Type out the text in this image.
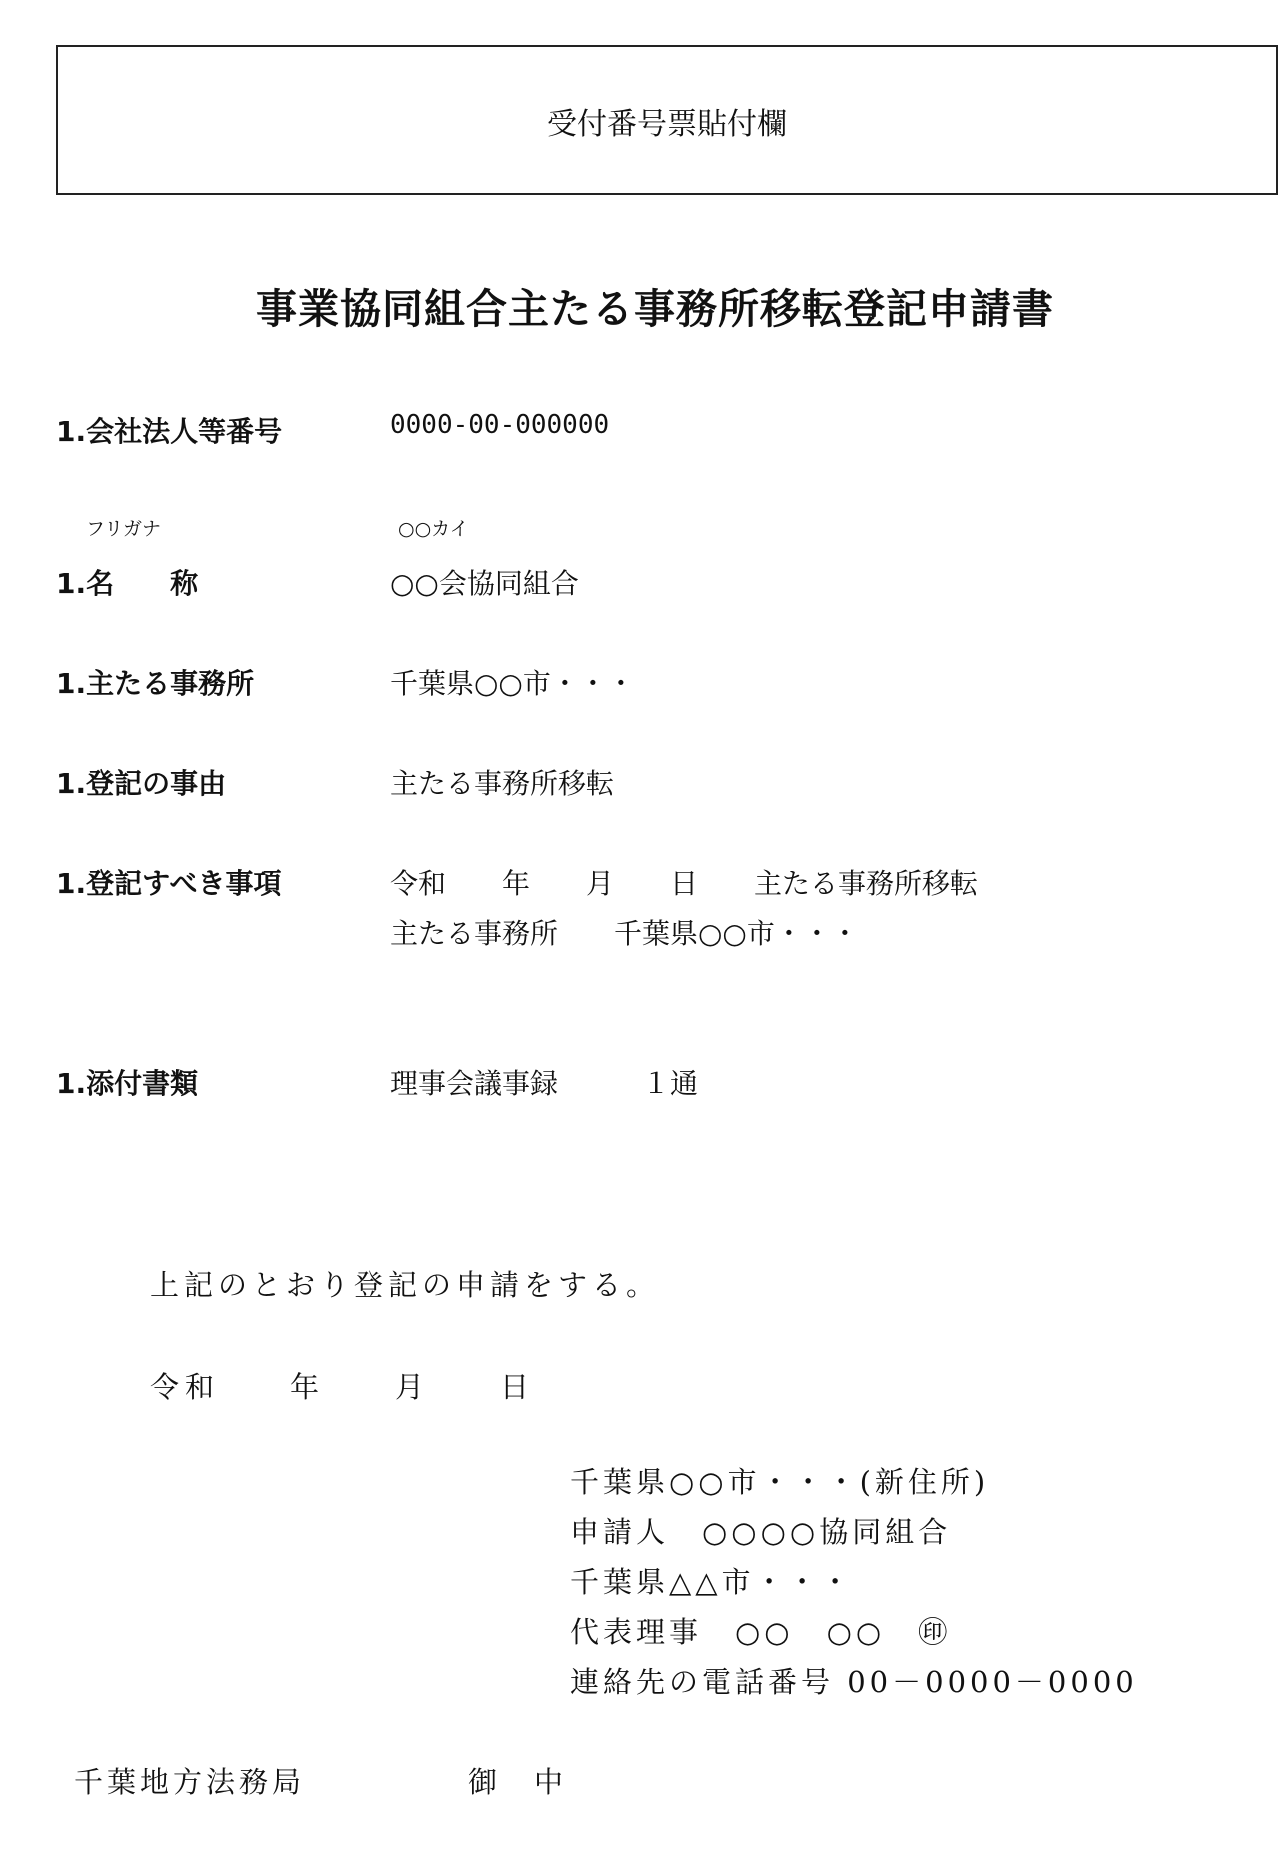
受付番号票貼付欄
事業協同組合主たる事務所移転登記申請書
1.会社法人等番号	0000-00-000000
フリガナ	○○カイ
1.名　　称	○○会協同組合
1.主たる事務所	千葉県○○市・・・
1.登記の事由	主たる事務所移転
1.登記すべき事項	令和　　年　　月　　日　　主たる事務所移転
主たる事務所　　千葉県○○市・・・
1.添付書類	理事会議事録　　　１通
上記のとおり登記の申請をする。
令和　　年　　月　　日
千葉県○○市・・・(新住所)
申請人　○○○○協同組合
千葉県△△市・・・
代表理事　○○　○○　㊞
連絡先の電話番号 00－0000－0000
千葉地方法務局	御　中
